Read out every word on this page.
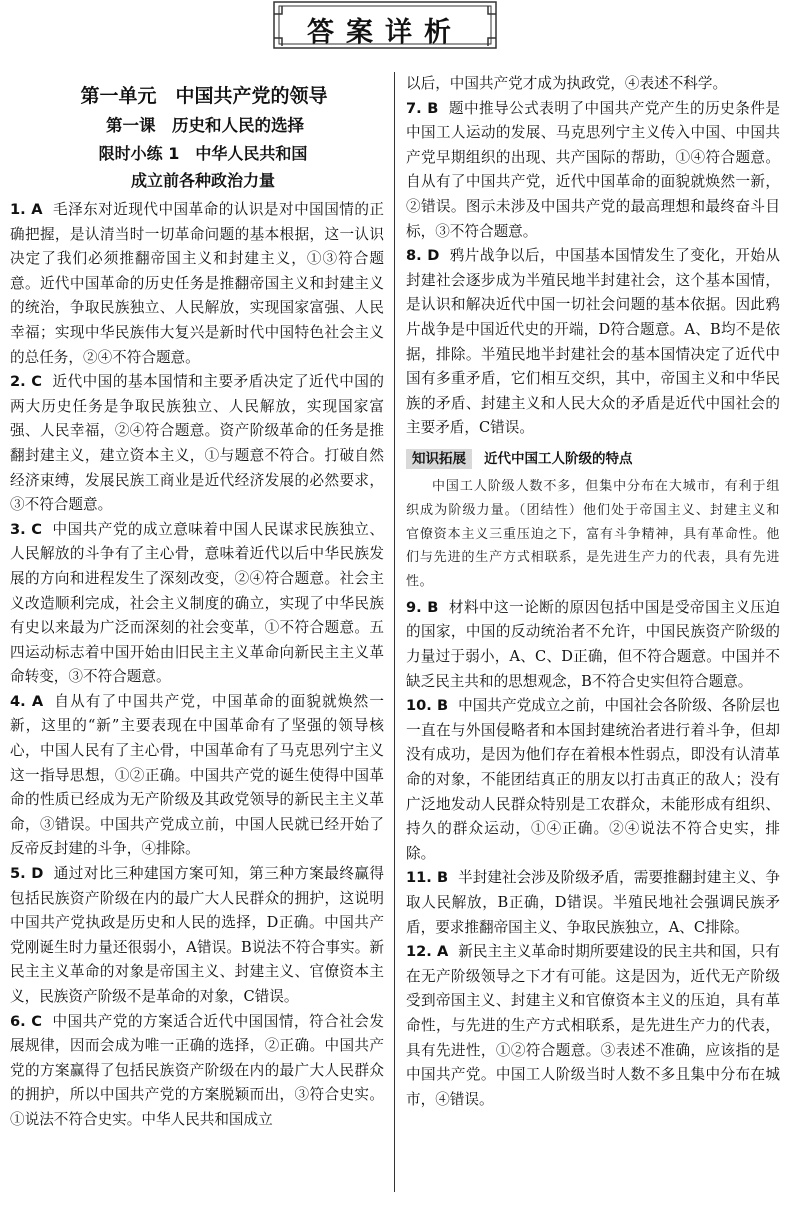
答案详析

第一单元　中国共产党的领导

第一课　历史和人民的选择

限时小练 1　中华人民共和国

成立前各种政治力量

1. A 毛泽东对近现代中国革命的认识是对中国国情的正确把握，是认清当时一切革命问题的基本根据，这一认识决定了我们必须推翻帝国主义和封建主义，①③符合题意。近代中国革命的历史任务是推翻帝国主义和封建主义的统治，争取民族独立、人民解放，实现国家富强、人民幸福；实现中华民族伟大复兴是新时代中国特色社会主义的总任务，②④不符合题意。

2. C 近代中国的基本国情和主要矛盾决定了近代中国的两大历史任务是争取民族独立、人民解放，实现国家富强、人民幸福，②④符合题意。资产阶级革命的任务是推翻封建主义，建立资本主义，①与题意不符合。打破自然经济束缚，发展民族工商业是近代经济发展的必然要求，③不符合题意。

3. C 中国共产党的成立意味着中国人民谋求民族独立、人民解放的斗争有了主心骨，意味着近代以后中华民族发展的方向和进程发生了深刻改变，②④符合题意。社会主义改造顺利完成，社会主义制度的确立，实现了中华民族有史以来最为广泛而深刻的社会变革，①不符合题意。五四运动标志着中国开始由旧民主主义革命向新民主主义革命转变，③不符合题意。

4. A 自从有了中国共产党，中国革命的面貌就焕然一新，这里的“新”主要表现在中国革命有了坚强的领导核心，中国人民有了主心骨，中国革命有了马克思列宁主义这一指导思想，①②正确。中国共产党的诞生使得中国革命的性质已经成为无产阶级及其政党领导的新民主主义革命，③错误。中国共产党成立前，中国人民就已经开始了反帝反封建的斗争，④排除。

5. D 通过对比三种建国方案可知，第三种方案最终赢得包括民族资产阶级在内的最广大人民群众的拥护，这说明中国共产党执政是历史和人民的选择，D正确。中国共产党刚诞生时力量还很弱小，A错误。B说法不符合事实。新民主主义革命的对象是帝国主义、封建主义、官僚资本主义，民族资产阶级不是革命的对象，C错误。

6. C 中国共产党的方案适合近代中国国情，符合社会发展规律，因而会成为唯一正确的选择，②正确。中国共产党的方案赢得了包括民族资产阶级在内的最广大人民群众的拥护，所以中国共产党的方案脱颖而出，③符合史实。①说法不符合史实。中华人民共和国成立

以后，中国共产党才成为执政党，④表述不科学。

7. B 题中推导公式表明了中国共产党产生的历史条件是中国工人运动的发展、马克思列宁主义传入中国、中国共产党早期组织的出现、共产国际的帮助，①④符合题意。自从有了中国共产党，近代中国革命的面貌就焕然一新，②错误。图示未涉及中国共产党的最高理想和最终奋斗目标，③不符合题意。

8. D 鸦片战争以后，中国基本国情发生了变化，开始从封建社会逐步成为半殖民地半封建社会，这个基本国情，是认识和解决近代中国一切社会问题的基本依据。因此鸦片战争是中国近代史的开端，D符合题意。A、B均不是依据，排除。半殖民地半封建社会的基本国情决定了近代中国有多重矛盾，它们相互交织，其中，帝国主义和中华民族的矛盾、封建主义和人民大众的矛盾是近代中国社会的主要矛盾，C错误。

知识拓展 近代中国工人阶级的特点

中国工人阶级人数不多，但集中分布在大城市，有利于组织成为阶级力量。（团结性）他们处于帝国主义、封建主义和官僚资本主义三重压迫之下，富有斗争精神，具有革命性。他们与先进的生产方式相联系，是先进生产力的代表，具有先进性。

9. B 材料中这一论断的原因包括中国是受帝国主义压迫的国家，中国的反动统治者不允许，中国民族资产阶级的力量过于弱小，A、C、D正确，但不符合题意。中国并不缺乏民主共和的思想观念，B不符合史实但符合题意。

10. B 中国共产党成立之前，中国社会各阶级、各阶层也一直在与外国侵略者和本国封建统治者进行着斗争，但却没有成功，是因为他们存在着根本性弱点，即没有认清革命的对象，不能团结真正的朋友以打击真正的敌人；没有广泛地发动人民群众特别是工农群众，未能形成有组织、持久的群众运动，①④正确。②④说法不符合史实，排除。

11. B 半封建社会涉及阶级矛盾，需要推翻封建主义、争取人民解放，B正确，D错误。半殖民地社会强调民族矛盾，要求推翻帝国主义、争取民族独立，A、C排除。

12. A 新民主主义革命时期所要建设的民主共和国，只有在无产阶级领导之下才有可能。这是因为，近代无产阶级受到帝国主义、封建主义和官僚资本主义的压迫，具有革命性，与先进的生产方式相联系，是先进生产力的代表，具有先进性，①②符合题意。③表述不准确，应该指的是中国共产党。中国工人阶级当时人数不多且集中分布在城市，④错误。
